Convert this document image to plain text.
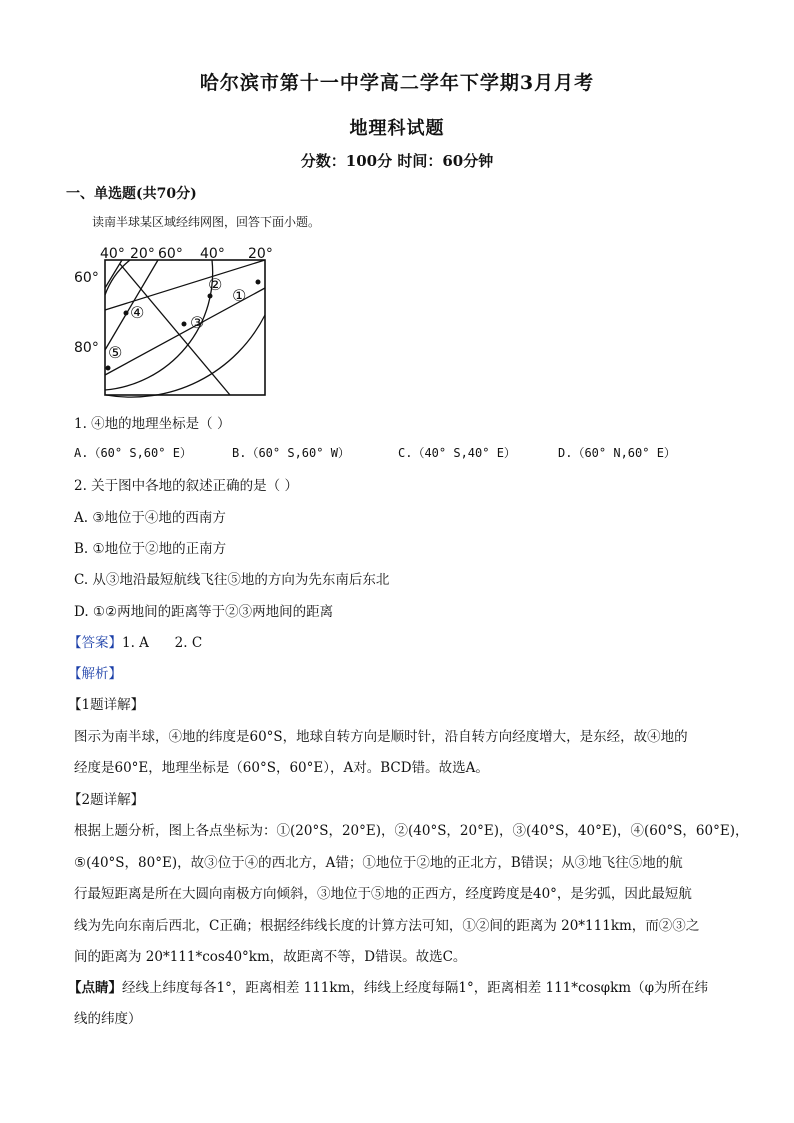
哈尔滨市第十一中学高二学年下学期3月月考
地理科试题
分数：100分 时间：60分钟
一、单选题(共70分)
读南半球某区域经纬网图，回答下面小题。
40° 20° 60° 40° 20°
60°
80°
①
②
③
④
⑤
1. ④地的地理坐标是（ ）
A.（60° S,60° E）	B.（60° S,60° W）	C.（40° S,40° E）	D.（60° N,60° E）
2. 关于图中各地的叙述正确的是（ ）
A. ③地位于④地的西南方
B. ①地位于②地的正南方
C. 从③地沿最短航线飞往⑤地的方向为先东南后东北
D. ①②两地间的距离等于②③两地间的距离
【答案】1. A      2. C
【解析】
【1题详解】
图示为南半球，④地的纬度是60°S，地球自转方向是顺时针，沿自转方向经度增大，是东经，故④地的
经度是60°E，地理坐标是（60°S，60°E），A对。BCD错。故选A。
【2题详解】
根据上题分析，图上各点坐标为：①(20°S，20°E)，②(40°S，20°E)，③(40°S，40°E)，④(60°S，60°E)，
⑤(40°S，80°E)，故③位于④的西北方，A错；①地位于②地的正北方，B错误；从③地飞往⑤地的航
行最短距离是所在大圆向南极方向倾斜，③地位于⑤地的正西方，经度跨度是40°，是劣弧，因此最短航
线为先向东南后西北，C正确；根据经纬线长度的计算方法可知，①②间的距离为 20*111km，而②③之
间的距离为 20*111*cos40°km，故距离不等，D错误。故选C。
【点睛】经线上纬度每各1°，距离相差 111km，纬线上经度每隔1°，距离相差 111*cosφkm（φ为所在纬
线的纬度）
